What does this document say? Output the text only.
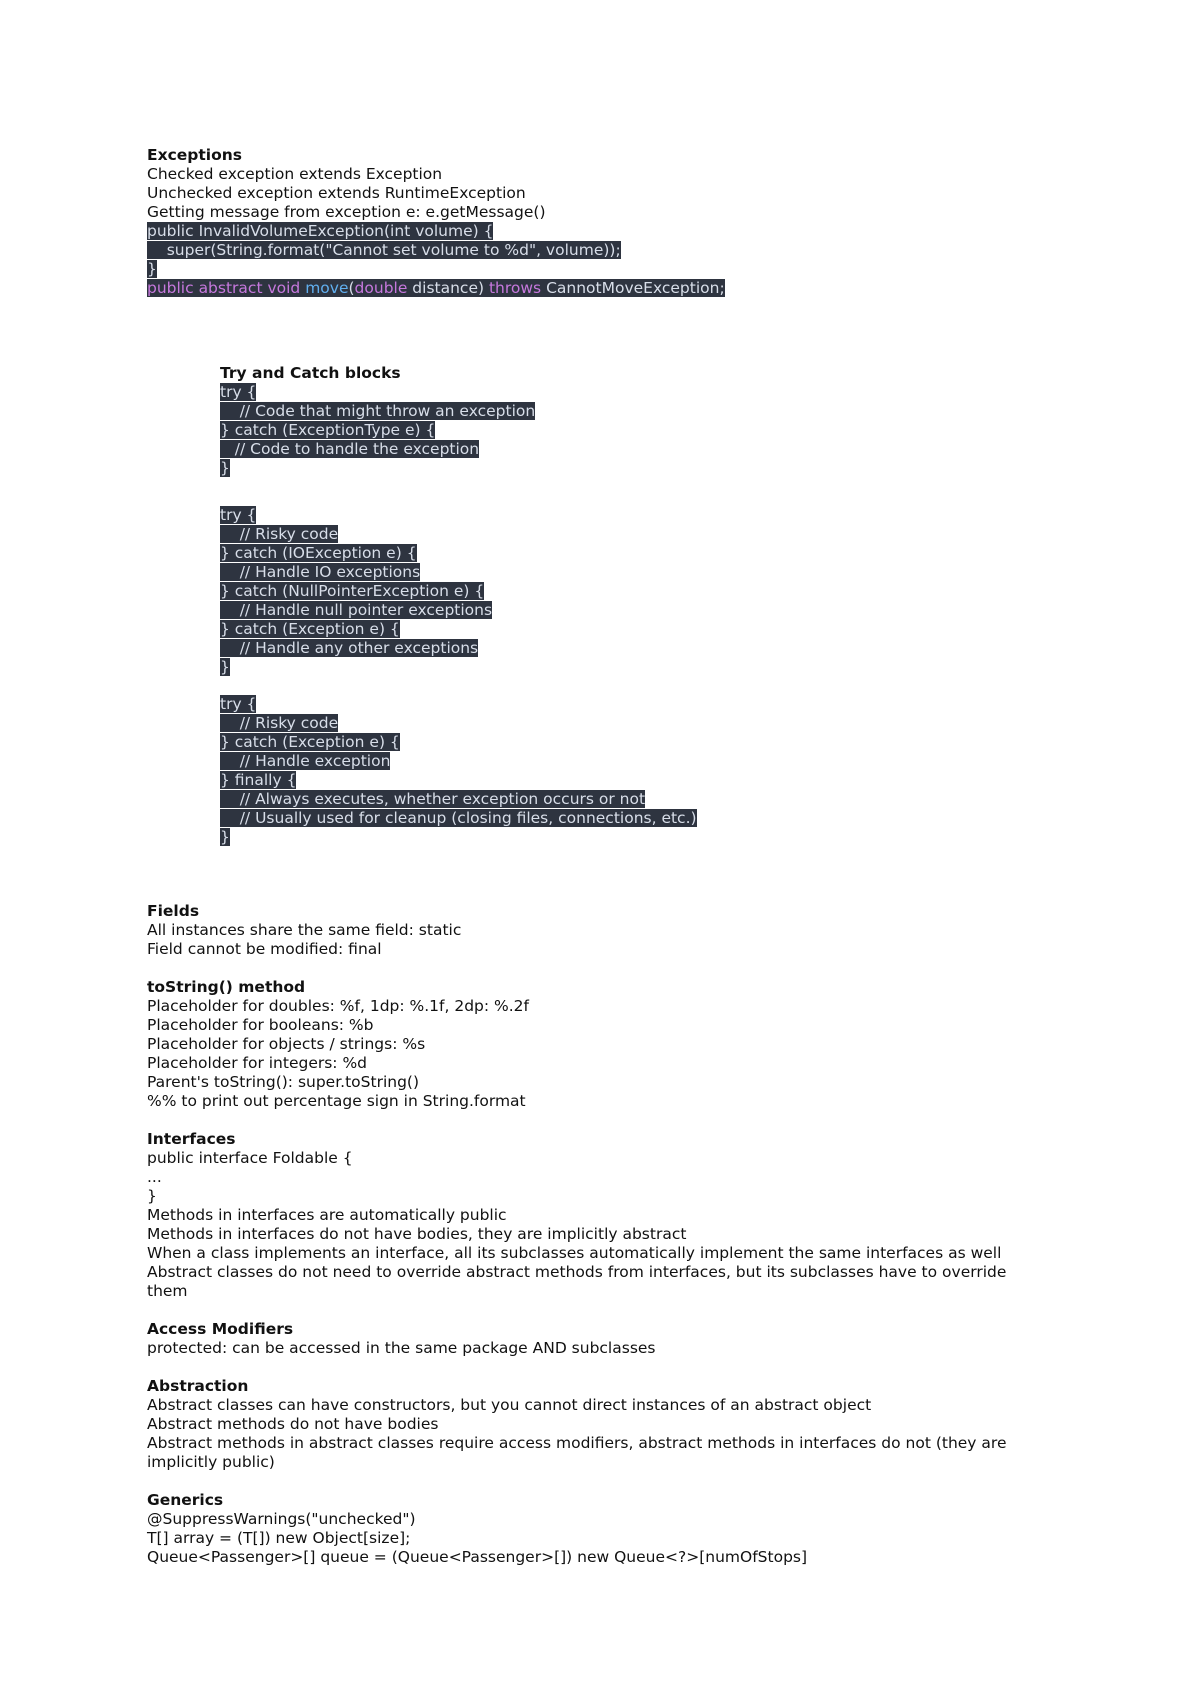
Exceptions
Checked exception extends Exception
Unchecked exception extends RuntimeException
Getting message from exception e: e.getMessage()
public InvalidVolumeException(int volume) {
super(String.format("Cannot set volume to %d", volume));
}
public abstract void move(double distance) throws CannotMoveException;
Try and Catch blocks
try {
// Code that might throw an exception
} catch (ExceptionType e) {
// Code to handle the exception
}
try {
// Risky code
} catch (IOException e) {
// Handle IO exceptions
} catch (NullPointerException e) {
// Handle null pointer exceptions
} catch (Exception e) {
// Handle any other exceptions
}
try {
// Risky code
} catch (Exception e) {
// Handle exception
} finally {
// Always executes, whether exception occurs or not
// Usually used for cleanup (closing files, connections, etc.)
}
Fields
All instances share the same field: static
Field cannot be modified: final
toString() method
Placeholder for doubles: %f, 1dp: %.1f, 2dp: %.2f
Placeholder for booleans: %b
Placeholder for objects / strings: %s
Placeholder for integers: %d
Parent's toString(): super.toString()
%% to print out percentage sign in String.format
Interfaces
public interface Foldable {
...
}
Methods in interfaces are automatically public
Methods in interfaces do not have bodies, they are implicitly abstract
When a class implements an interface, all its subclasses automatically implement the same interfaces as well
Abstract classes do not need to override abstract methods from interfaces, but its subclasses have to override
them
Access Modifiers
protected: can be accessed in the same package AND subclasses
Abstraction
Abstract classes can have constructors, but you cannot direct instances of an abstract object
Abstract methods do not have bodies
Abstract methods in abstract classes require access modifiers, abstract methods in interfaces do not (they are
implicitly public)
Generics
@SuppressWarnings("unchecked")
T[] array = (T[]) new Object[size];
Queue<Passenger>[] queue = (Queue<Passenger>[]) new Queue<?>[numOfStops]
